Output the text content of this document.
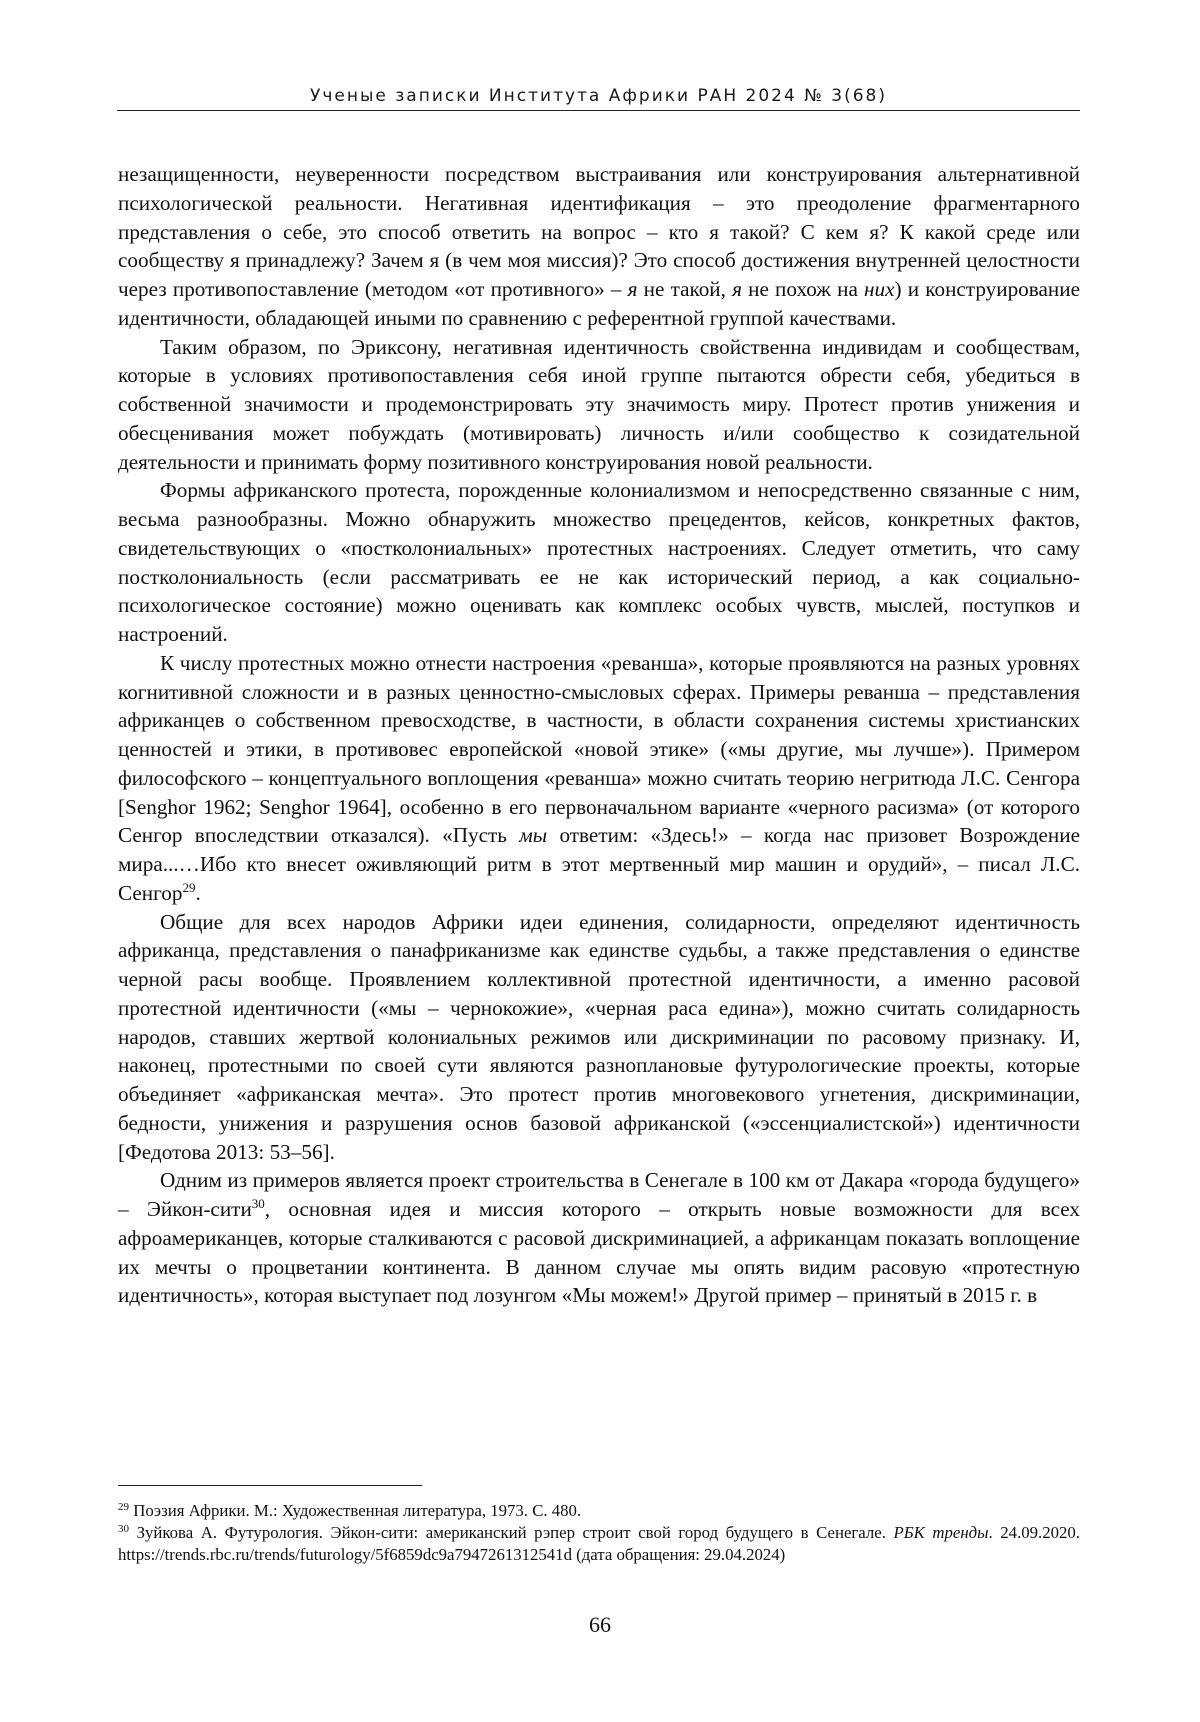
Ученые записки Института Африки РАН 2024 № 3(68)

незащищенности, неуверенности посредством выстраивания или конструирования альтернативной психологической реальности. Негативная идентификация – это преодоление фрагментарного представления о себе, это способ ответить на вопрос – кто я такой? С кем я? К какой среде или сообществу я принадлежу? Зачем я (в чем моя миссия)? Это способ достижения внутренней целостности через противопоставление (методом «от противного» – я не такой, я не похож на них) и конструирование идентичности, обладающей иными по сравнению с референтной группой качествами.

Таким образом, по Эриксону, негативная идентичность свойственна индивидам и сообществам, которые в условиях противопоставления себя иной группе пытаются обрести себя, убедиться в собственной значимости и продемонстрировать эту значимость миру. Протест против унижения и обесценивания может побуждать (мотивировать) личность и/или сообщество к созидательной деятельности и принимать форму позитивного конструирования новой реальности.

Формы африканского протеста, порожденные колониализмом и непосредственно связанные с ним, весьма разнообразны. Можно обнаружить множество прецедентов, кейсов, конкретных фактов, свидетельствующих о «постколониальных» протестных настроениях. Следует отметить, что саму постколониальность (если рассматривать ее не как исторический период, а как социально-психологическое состояние) можно оценивать как комплекс особых чувств, мыслей, поступков и настроений.

К числу протестных можно отнести настроения «реванша», которые проявляются на разных уровнях когнитивной сложности и в разных ценностно-смысловых сферах. Примеры реванша – представления африканцев о собственном превосходстве, в частности, в области сохранения системы христианских ценностей и этики, в противовес европейской «новой этике» («мы другие, мы лучше»). Примером философского – концептуального воплощения «реванша» можно считать теорию негритюда Л.С. Сенгора [Senghor 1962; Senghor 1964], особенно в его первоначальном варианте «черного расизма» (от которого Сенгор впоследствии отказался). «Пусть мы ответим: «Здесь!» – когда нас призовет Возрождение мира...…Ибо кто внесет оживляющий ритм в этот мертвенный мир машин и орудий», – писал Л.С. Сенгор$^{29}$.

Общие для всех народов Африки идеи единения, солидарности, определяют идентичность африканца, представления о панафриканизме как единстве судьбы, а также представления о единстве черной расы вообще. Проявлением коллективной протестной идентичности, а именно расовой протестной идентичности («мы – чернокожие», «черная раса едина»), можно считать солидарность народов, ставших жертвой колониальных режимов или дискриминации по расовому признаку. И, наконец, протестными по своей сути являются разноплановые футурологические проекты, которые объединяет «африканская мечта». Это протест против многовекового угнетения, дискриминации, бедности, унижения и разрушения основ базовой африканской («эссенциалистской») идентичности [Федотова 2013: 53–56].

Одним из примеров является проект строительства в Сенегале в 100 км от Дакара «города будущего» – Эйкон-сити$^{30}$, основная идея и миссия которого – открыть новые возможности для всех афроамериканцев, которые сталкиваются с расовой дискриминацией, а африканцам показать воплощение их мечты о процветании континента. В данном случае мы опять видим расовую «протестную идентичность», которая выступает под лозунгом «Мы можем!» Другой пример – принятый в 2015 г. в

$^{29}$ Поэзия Африки. М.: Художественная литература, 1973. С. 480.

$^{30}$ Зуйкова А. Футурология. Эйкон-сити: американский рэпер строит свой город будущего в Сенегале. РБК тренды. 24.09.2020. https://trends.rbc.ru/trends/futurology/5f6859dc9a7947261312541d (дата обращения: 29.04.2024)

66
